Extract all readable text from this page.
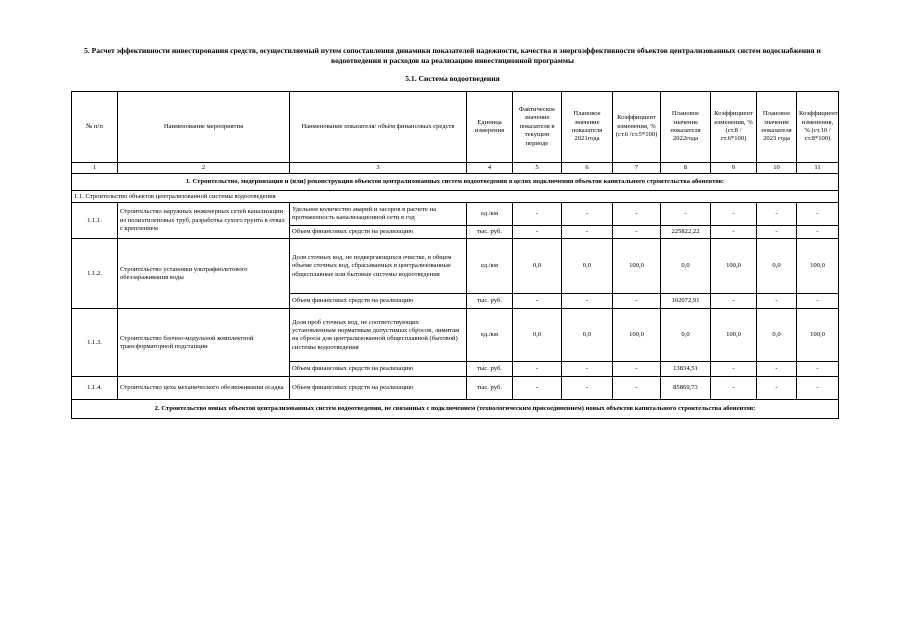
5. Расчет эффективности инвестирования средств, осуществляемый путем сопоставления динамики показателей надежности, качества и энергоэффективности объектов централизованных систем водоснабжения и водоотведения и расходов на реализацию инвестиционной программы
5.1. Система водоотведения
№ п/п	Наименование мероприятия	Наименование показателя/ объём финансовых средств	Единица измерения	Фактическое значение показателя в текущем периоде	Плановое значение показателя 2021года	Коэффициент изменения, % (ст.6 /ст.5*100)	Плановое значение показателя 2022года	Коэффициент изменения, % (ст.8 /ст.6*100)	Плановое значение показателя 2023 года	Коэффициент изменения, % (ст.10 /ст.8*100)
1	2	3	4	5	6	7	8	9	10	11
1. Строительство, модернизация и (или) реконструкция объектов централизованных систем водоотведения в целях подключения объектов капитального строительства абонентов:										
1.1. Строительство объектов централизованной системы водоотведения										
1.1.1.	Строительство наружных инженерных сетей канализации из полиэтиленовых труб, разработка сухого грунта в отвал с креплением	Удельное количество аварий и засоров в расчете на протяженность канализационной сети в год	ед./км	-	-	-	-	-	-	-
		Объем финансовых средств на реализацию	тыс. руб.	-	-	-	225822,22	-	-	-
1.1.2.	Строительство установки ультрафиолетового обеззараживания воды	Доля сточных вод, не подвергающихся очистке, в общем объеме сточных вод, сбрасываемых в централизованные общесплавные или бытовые системы водоотведения	ед./км	0,0	0,0	100,0	0,0	100,0	0,0	100,0
		Объем финансовых средств на реализацию	тыс. руб.	-	-	-	102072,91	-	-	-
1.1.3.	Строительство блочно-модульной комплектной трансформаторной подстанции	Доля проб сточных вод, не соответствующих установленным нормативам допустимых сбросов, лимитам на сбросы для централизованной общесплавной (бытовой) системы водоотведения	ед./км	0,0	0,0	100,0	0,0	100,0	0,0	100,0
		Объем финансовых средств на реализацию	тыс. руб.	-	-	-	13834,51	-	-	-
1.1.4.	Строительство цеха механического обезвоживания осадка	Объем финансовых средств на реализацию	тыс. руб.	-	-	-	85869,73	-	-	-
2. Строительство новых объектов централизованных систем водоотведения, не связанных с подключением (технологическим присоединением) новых объектов капитального строительства абонентов:										
